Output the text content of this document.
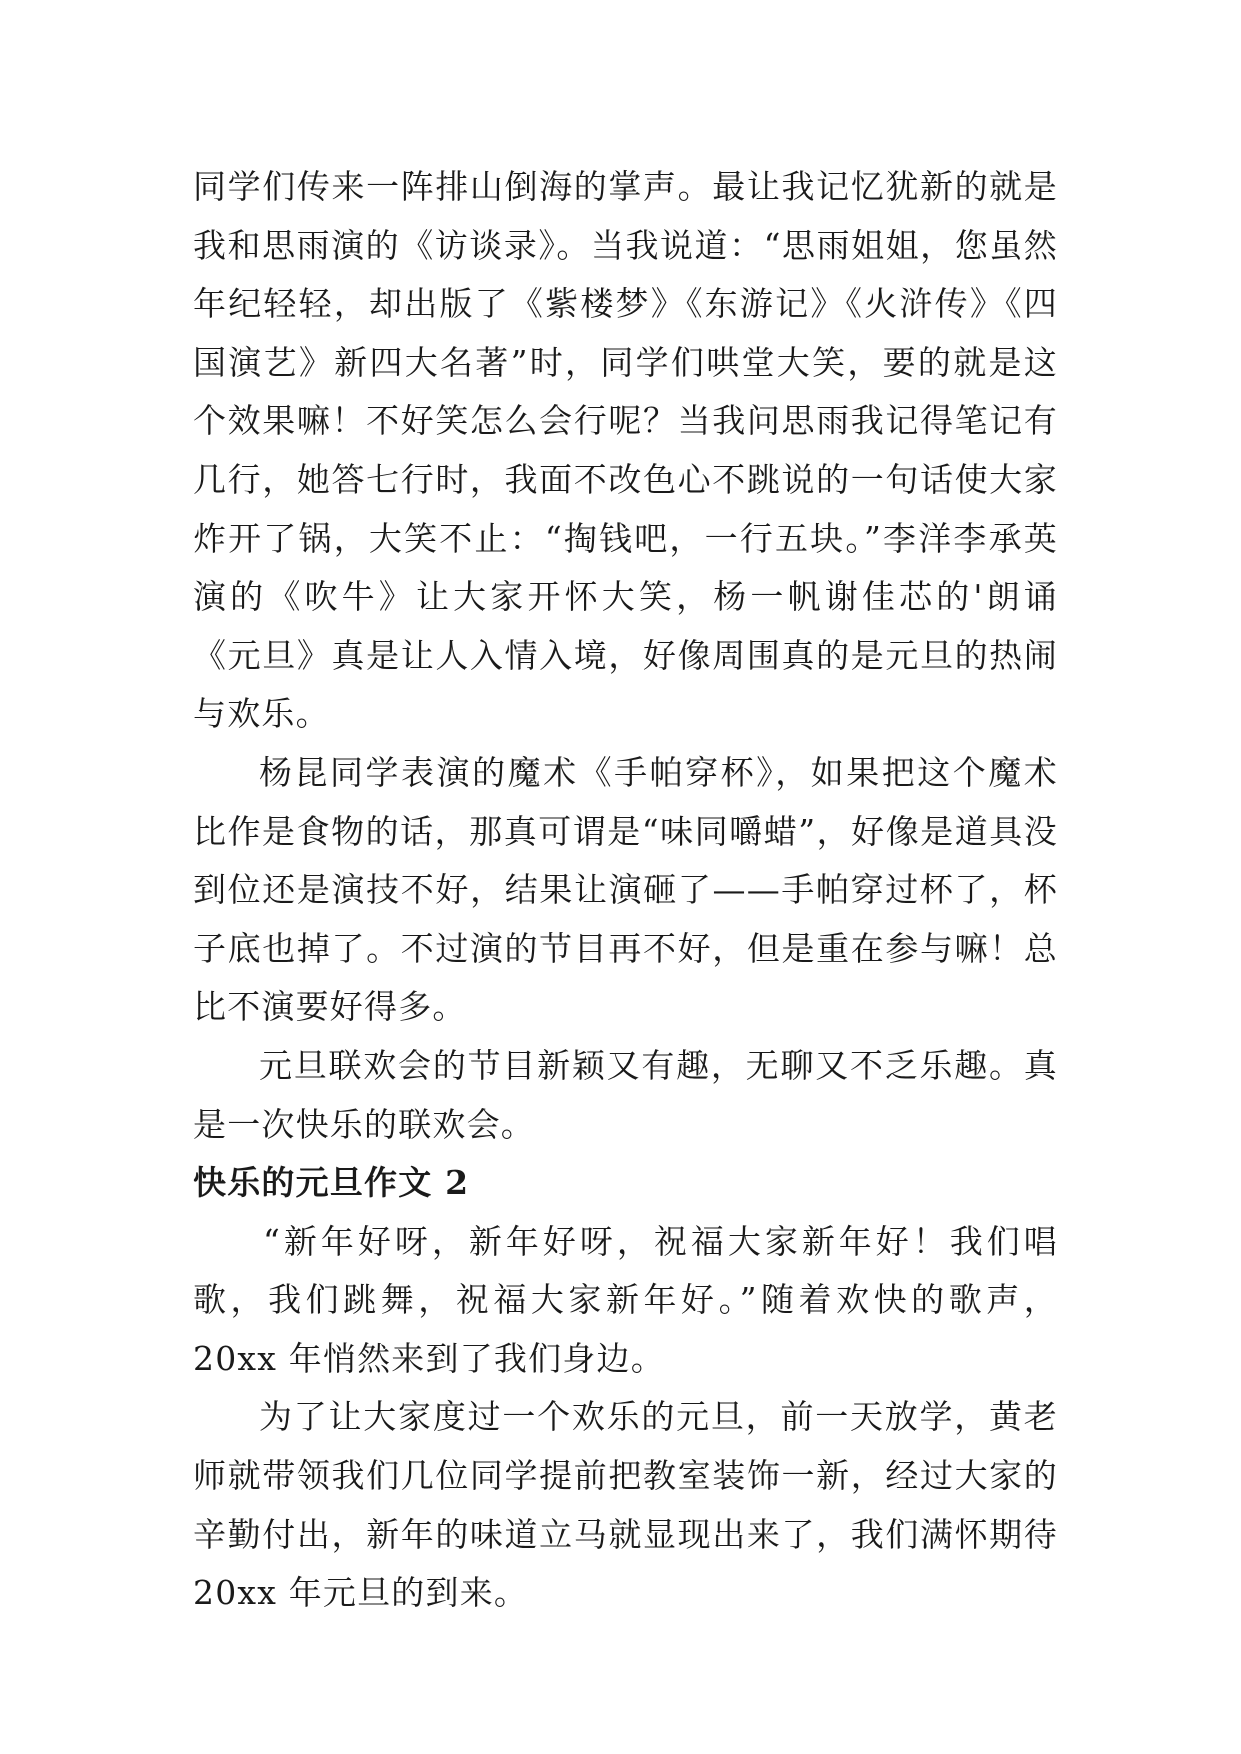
同学们传来一阵排山倒海的掌声。最让我记忆犹新的就是我和思雨演的《访谈录》。当我说道：“思雨姐姐，您虽然年纪轻轻，却出版了《紫楼梦》《东游记》《火浒传》《四国演艺》新四大名著”时，同学们哄堂大笑，要的就是这个效果嘛！不好笑怎么会行呢？当我问思雨我记得笔记有几行，她答七行时，我面不改色心不跳说的一句话使大家炸开了锅，大笑不止：“掏钱吧，一行五块。”李洋李承英演的《吹牛》让大家开怀大笑，杨一帆谢佳芯的'朗诵《元旦》真是让人入情入境，好像周围真的是元旦的热闹与欢乐。

杨昆同学表演的魔术《手帕穿杯》，如果把这个魔术比作是食物的话，那真可谓是“味同嚼蜡”，好像是道具没到位还是演技不好，结果让演砸了——手帕穿过杯了，杯子底也掉了。不过演的节目再不好，但是重在参与嘛！总比不演要好得多。

元旦联欢会的节目新颖又有趣，无聊又不乏乐趣。真是一次快乐的联欢会。

快乐的元旦作文 2

“新年好呀，新年好呀，祝福大家新年好！我们唱歌，我们跳舞，祝福大家新年好。”随着欢快的歌声，20xx 年悄然来到了我们身边。

为了让大家度过一个欢乐的元旦，前一天放学，黄老师就带领我们几位同学提前把教室装饰一新，经过大家的辛勤付出，新年的味道立马就显现出来了，我们满怀期待 20xx 年元旦的到来。
